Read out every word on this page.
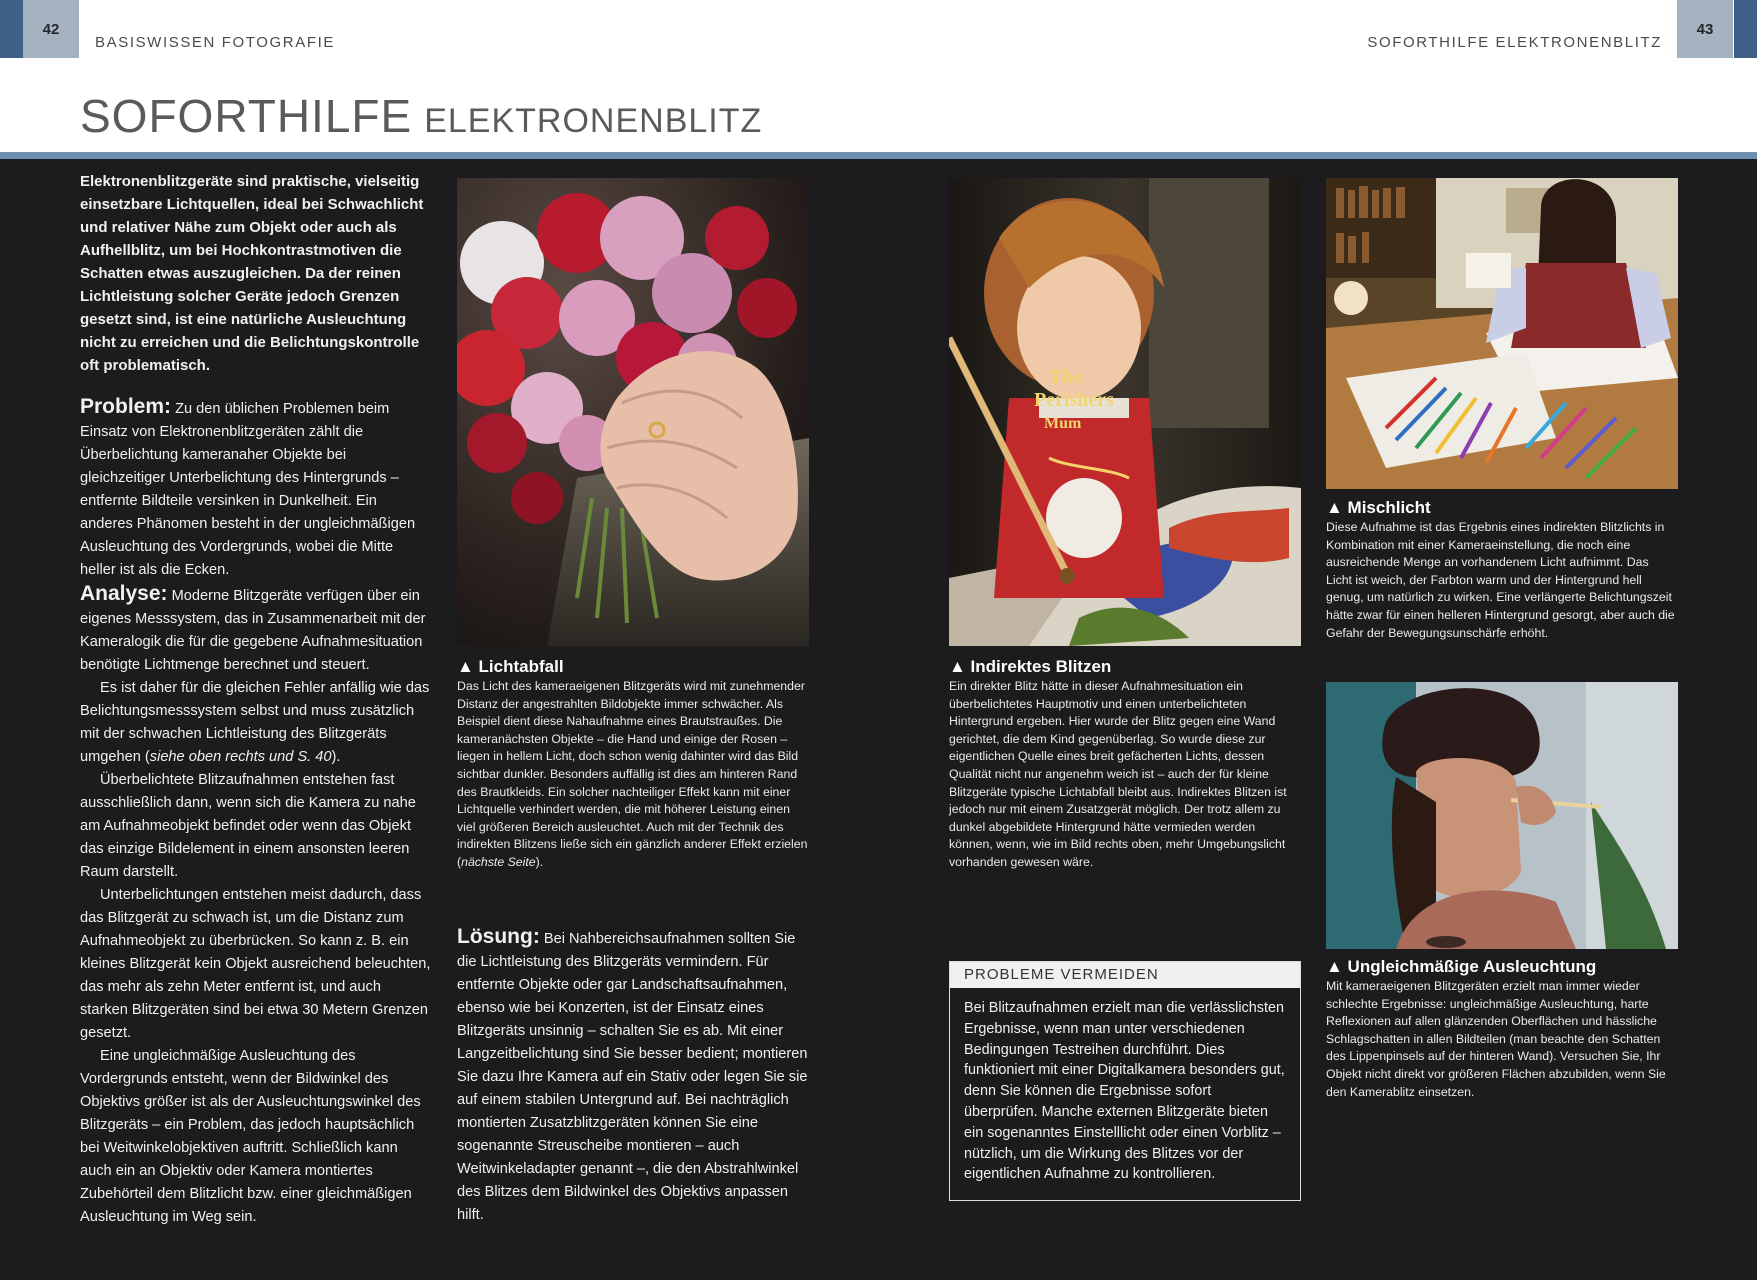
42
BASISWISSEN FOTOGRAFIE	SOFORTHILFE ELEKTRONENBLITZ
43
SOFORTHILFE ELEKTRONENBLITZ

Elektronenblitzgeräte sind praktische, vielseitig einsetzbare Lichtquellen, ideal bei Schwachlicht und relativer Nähe zum Objekt oder auch als Aufhellblitz, um bei Hochkontrastmotiven die Schatten etwas auszugleichen. Da der reinen Lichtleistung solcher Geräte jedoch Grenzen gesetzt sind, ist eine natürliche Ausleuchtung nicht zu erreichen und die Belichtungskontrolle oft problematisch.

Problem: Zu den üblichen Problemen beim Einsatz von Elektronenblitzgeräten zählt die Überbelichtung kameranaher Objekte bei gleichzeitiger Unterbelichtung des Hintergrunds – entfernte Bildteile versinken in Dunkelheit. Ein anderes Phänomen besteht in der ungleichmäßigen Ausleuchtung des Vordergrunds, wobei die Mitte heller ist als die Ecken.

Analyse: Moderne Blitzgeräte verfügen über ein eigenes Messsystem, das in Zusammenarbeit mit der Kameralogik die für die gegebene Aufnahmesituation benötigte Lichtmenge berechnet und steuert.

Es ist daher für die gleichen Fehler anfällig wie das Belichtungsmesssystem selbst und muss zusätzlich mit der schwachen Lichtleistung des Blitzgeräts umgehen (siehe oben rechts und S. 40).

Überbelichtete Blitzaufnahmen entstehen fast ausschließlich dann, wenn sich die Kamera zu nahe am Aufnahmeobjekt befindet oder wenn das Objekt das einzige Bildelement in einem ansonsten leeren Raum darstellt.

Unterbelichtungen entstehen meist dadurch, dass das Blitzgerät zu schwach ist, um die Distanz zum Aufnahmeobjekt zu überbrücken. So kann z. B. ein kleines Blitzgerät kein Objekt ausreichend beleuchten, das mehr als zehn Meter entfernt ist, und auch starken Blitzgeräten sind bei etwa 30 Metern Grenzen gesetzt.

Eine ungleichmäßige Ausleuchtung des Vordergrunds entsteht, wenn der Bildwinkel des Objektivs größer ist als der Ausleuchtungswinkel des Blitzgeräts – ein Problem, das jedoch hauptsächlich bei Weitwinkelobjektiven auftritt. Schließlich kann auch ein an Objektiv oder Kamera montiertes Zubehörteil dem Blitzlicht bzw. einer gleichmäßigen Ausleuchtung im Weg sein.

The
Perishers
Mum
▲ Lichtabfall
Das Licht des kameraeigenen Blitzgeräts wird mit zunehmender Distanz der angestrahlten Bildobjekte immer schwächer. Als Beispiel dient diese Nahaufnahme eines Brautstraußes. Die kameranächsten Objekte – die Hand und einige der Rosen – liegen in hellem Licht, doch schon wenig dahinter wird das Bild sichtbar dunkler. Besonders auffällig ist dies am hinteren Rand des Brautkleids. Ein solcher nachteiliger Effekt kann mit einer Lichtquelle verhindert werden, die mit höherer Leistung einen viel größeren Bereich ausleuchtet. Auch mit der Technik des indirekten Blitzens ließe sich ein gänzlich anderer Effekt erzielen (nächste Seite).
▲ Indirektes Blitzen
Ein direkter Blitz hätte in dieser Aufnahmesituation ein überbelichtetes Hauptmotiv und einen unterbelichteten Hintergrund ergeben. Hier wurde der Blitz gegen eine Wand gerichtet, die dem Kind gegenüberlag. So wurde diese zur eigentlichen Quelle eines breit gefächerten Lichts, dessen Qualität nicht nur angenehm weich ist – auch der für kleine Blitzgeräte typische Lichtabfall bleibt aus. Indirektes Blitzen ist jedoch nur mit einem Zusatzgerät möglich. Der trotz allem zu dunkel abgebildete Hintergrund hätte vermieden werden können, wenn, wie im Bild rechts oben, mehr Umgebungslicht vorhanden gewesen wäre.
▲ Mischlicht
Diese Aufnahme ist das Ergebnis eines indirekten Blitzlichts in Kombination mit einer Kameraeinstellung, die noch eine ausreichende Menge an vorhandenem Licht aufnimmt. Das Licht ist weich, der Farbton warm und der Hintergrund hell genug, um natürlich zu wirken. Eine verlängerte Belichtungszeit hätte zwar für einen helleren Hintergrund gesorgt, aber auch die Gefahr der Bewegungsunschärfe erhöht.
▲ Ungleichmäßige Ausleuchtung
Mit kameraeigenen Blitzgeräten erzielt man immer wieder schlechte Ergebnisse: ungleichmäßige Ausleuchtung, harte Reflexionen auf allen glänzenden Oberflächen und hässliche Schlagschatten in allen Bildteilen (man beachte den Schatten des Lippenpinsels auf der hinteren Wand). Versuchen Sie, Ihr Objekt nicht direkt vor größeren Flächen abzubilden, wenn Sie den Kamerablitz einsetzen.

Lösung: Bei Nahbereichsaufnahmen sollten Sie die Lichtleistung des Blitzgeräts vermindern. Für entfernte Objekte oder gar Landschaftsaufnahmen, ebenso wie bei Konzerten, ist der Einsatz eines Blitzgeräts unsinnig – schalten Sie es ab. Mit einer Langzeitbelichtung sind Sie besser bedient; montieren Sie dazu Ihre Kamera auf ein Stativ oder legen Sie sie auf einem stabilen Untergrund auf. Bei nachträglich montierten Zusatzblitzgeräten können Sie eine sogenannte Streuscheibe montieren – auch Weitwinkeladapter genannt –, die den Abstrahlwinkel des Blitzes dem Bildwinkel des Objektivs anpassen hilft.

PROBLEME VERMEIDEN
Bei Blitzaufnahmen erzielt man die verlässlichsten Ergebnisse, wenn man unter verschiedenen Bedingungen Testreihen durchführt. Dies funktioniert mit einer Digitalkamera besonders gut, denn Sie können die Ergebnisse sofort überprüfen. Manche externen Blitzgeräte bieten ein sogenanntes Einstelllicht oder einen Vorblitz – nützlich, um die Wirkung des Blitzes vor der eigentlichen Aufnahme zu kontrollieren.
